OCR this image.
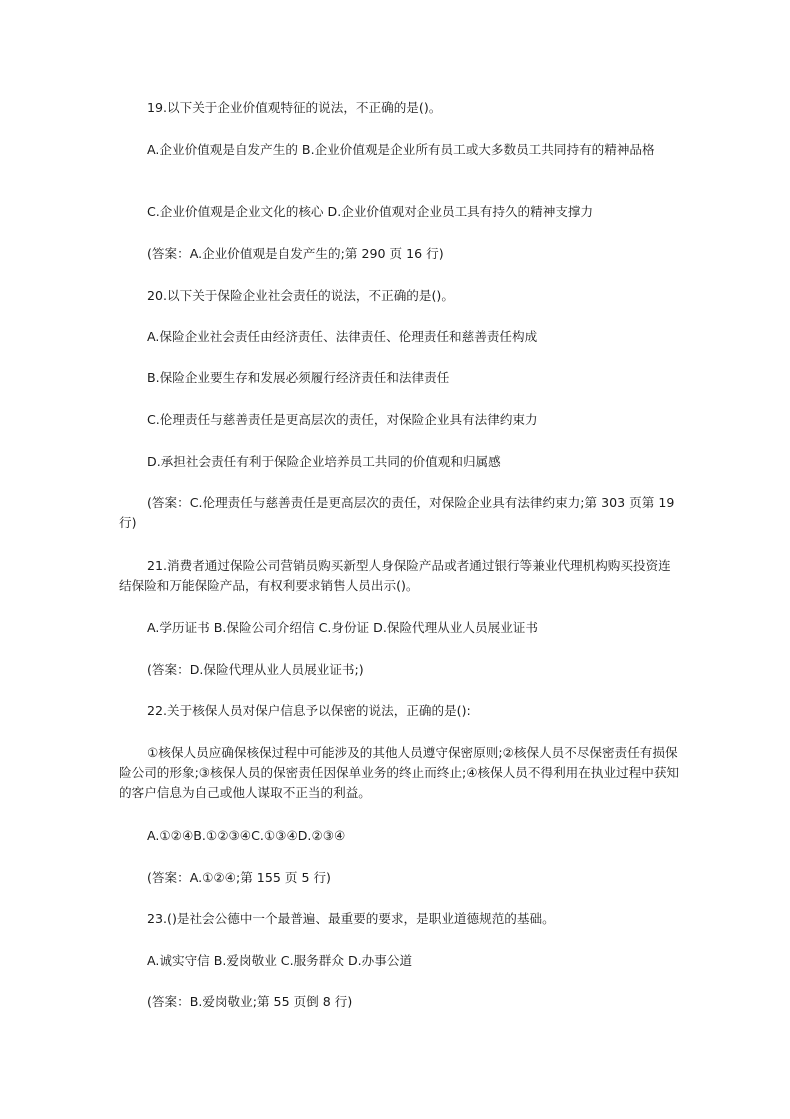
19.以下关于企业价值观特征的说法，不正确的是()。

A.企业价值观是自发产生的 B.企业价值观是企业所有员工或大多数员工共同持有的精神品格

C.企业价值观是企业文化的核心 D.企业价值观对企业员工具有持久的精神支撑力

(答案：A.企业价值观是自发产生的;第 290 页 16 行)

20.以下关于保险企业社会责任的说法，不正确的是()。

A.保险企业社会责任由经济责任、法律责任、伦理责任和慈善责任构成

B.保险企业要生存和发展必须履行经济责任和法律责任

C.伦理责任与慈善责任是更高层次的责任，对保险企业具有法律约束力

D.承担社会责任有利于保险企业培养员工共同的价值观和归属感

(答案：C.伦理责任与慈善责任是更高层次的责任，对保险企业具有法律约束力;第 303 页第 19 行)

21.消费者通过保险公司营销员购买新型人身保险产品或者通过银行等兼业代理机构购买投资连结保险和万能保险产品，有权利要求销售人员出示()。

A.学历证书 B.保险公司介绍信 C.身份证 D.保险代理从业人员展业证书

(答案：D.保险代理从业人员展业证书;)

22.关于核保人员对保户信息予以保密的说法，正确的是():

①核保人员应确保核保过程中可能涉及的其他人员遵守保密原则;②核保人员不尽保密责任有损保险公司的形象;③核保人员的保密责任因保单业务的终止而终止;④核保人员不得利用在执业过程中获知的客户信息为自己或他人谋取不正当的利益。

A.①②④B.①②③④C.①③④D.②③④

(答案：A.①②④;第 155 页 5 行)

23.()是社会公德中一个最普遍、最重要的要求，是职业道德规范的基础。

A.诚实守信 B.爱岗敬业 C.服务群众 D.办事公道

(答案：B.爱岗敬业;第 55 页倒 8 行)
